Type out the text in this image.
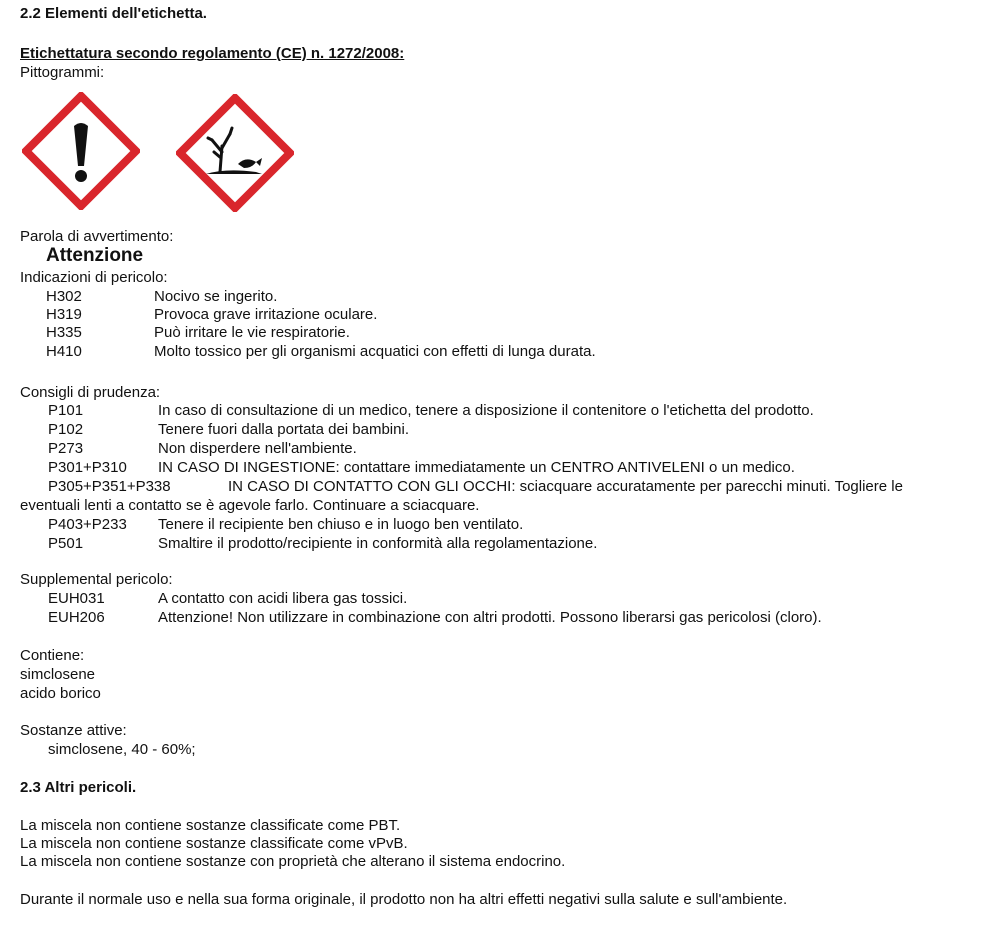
2.2 Elementi dell'etichetta.
Etichettatura secondo regolamento (CE) n. 1272/2008:
Pittogrammi:
Parola di avvertimento:
Attenzione
Indicazioni di pericolo:
H302	Nocivo se ingerito.
H319	Provoca grave irritazione oculare.
H335	Può irritare le vie respiratorie.
H410	Molto tossico per gli organismi acquatici con effetti di lunga durata.
Consigli di prudenza:
P101	In caso di consultazione di un medico, tenere a disposizione il contenitore o l'etichetta del prodotto.
P102	Tenere fuori dalla portata dei bambini.
P273	Non disperdere nell'ambiente.
P301+P310 IN CASO DI INGESTIONE: contattare immediatamente un CENTRO ANTIVELENI o un medico.
P305+P351+P338	IN CASO DI CONTATTO CON GLI OCCHI: sciacquare accuratamente per parecchi minuti. Togliere le
eventuali lenti a contatto se è agevole farlo. Continuare a sciacquare.
P403+P233 Tenere il recipiente ben chiuso e in luogo ben ventilato.
P501	Smaltire il prodotto/recipiente in conformità alla regolamentazione.
Supplemental pericolo:
EUH031	A contatto con acidi libera gas tossici.
EUH206	Attenzione! Non utilizzare in combinazione con altri prodotti. Possono liberarsi gas pericolosi (cloro).
Contiene:
simclosene
acido borico
Sostanze attive:
simclosene, 40 - 60%;
2.3 Altri pericoli.
La miscela non contiene sostanze classificate come PBT.
La miscela non contiene sostanze classificate come vPvB.
La miscela non contiene sostanze con proprietà che alterano il sistema endocrino.
Durante il normale uso e nella sua forma originale, il prodotto non ha altri effetti negativi sulla salute e sull'ambiente.
